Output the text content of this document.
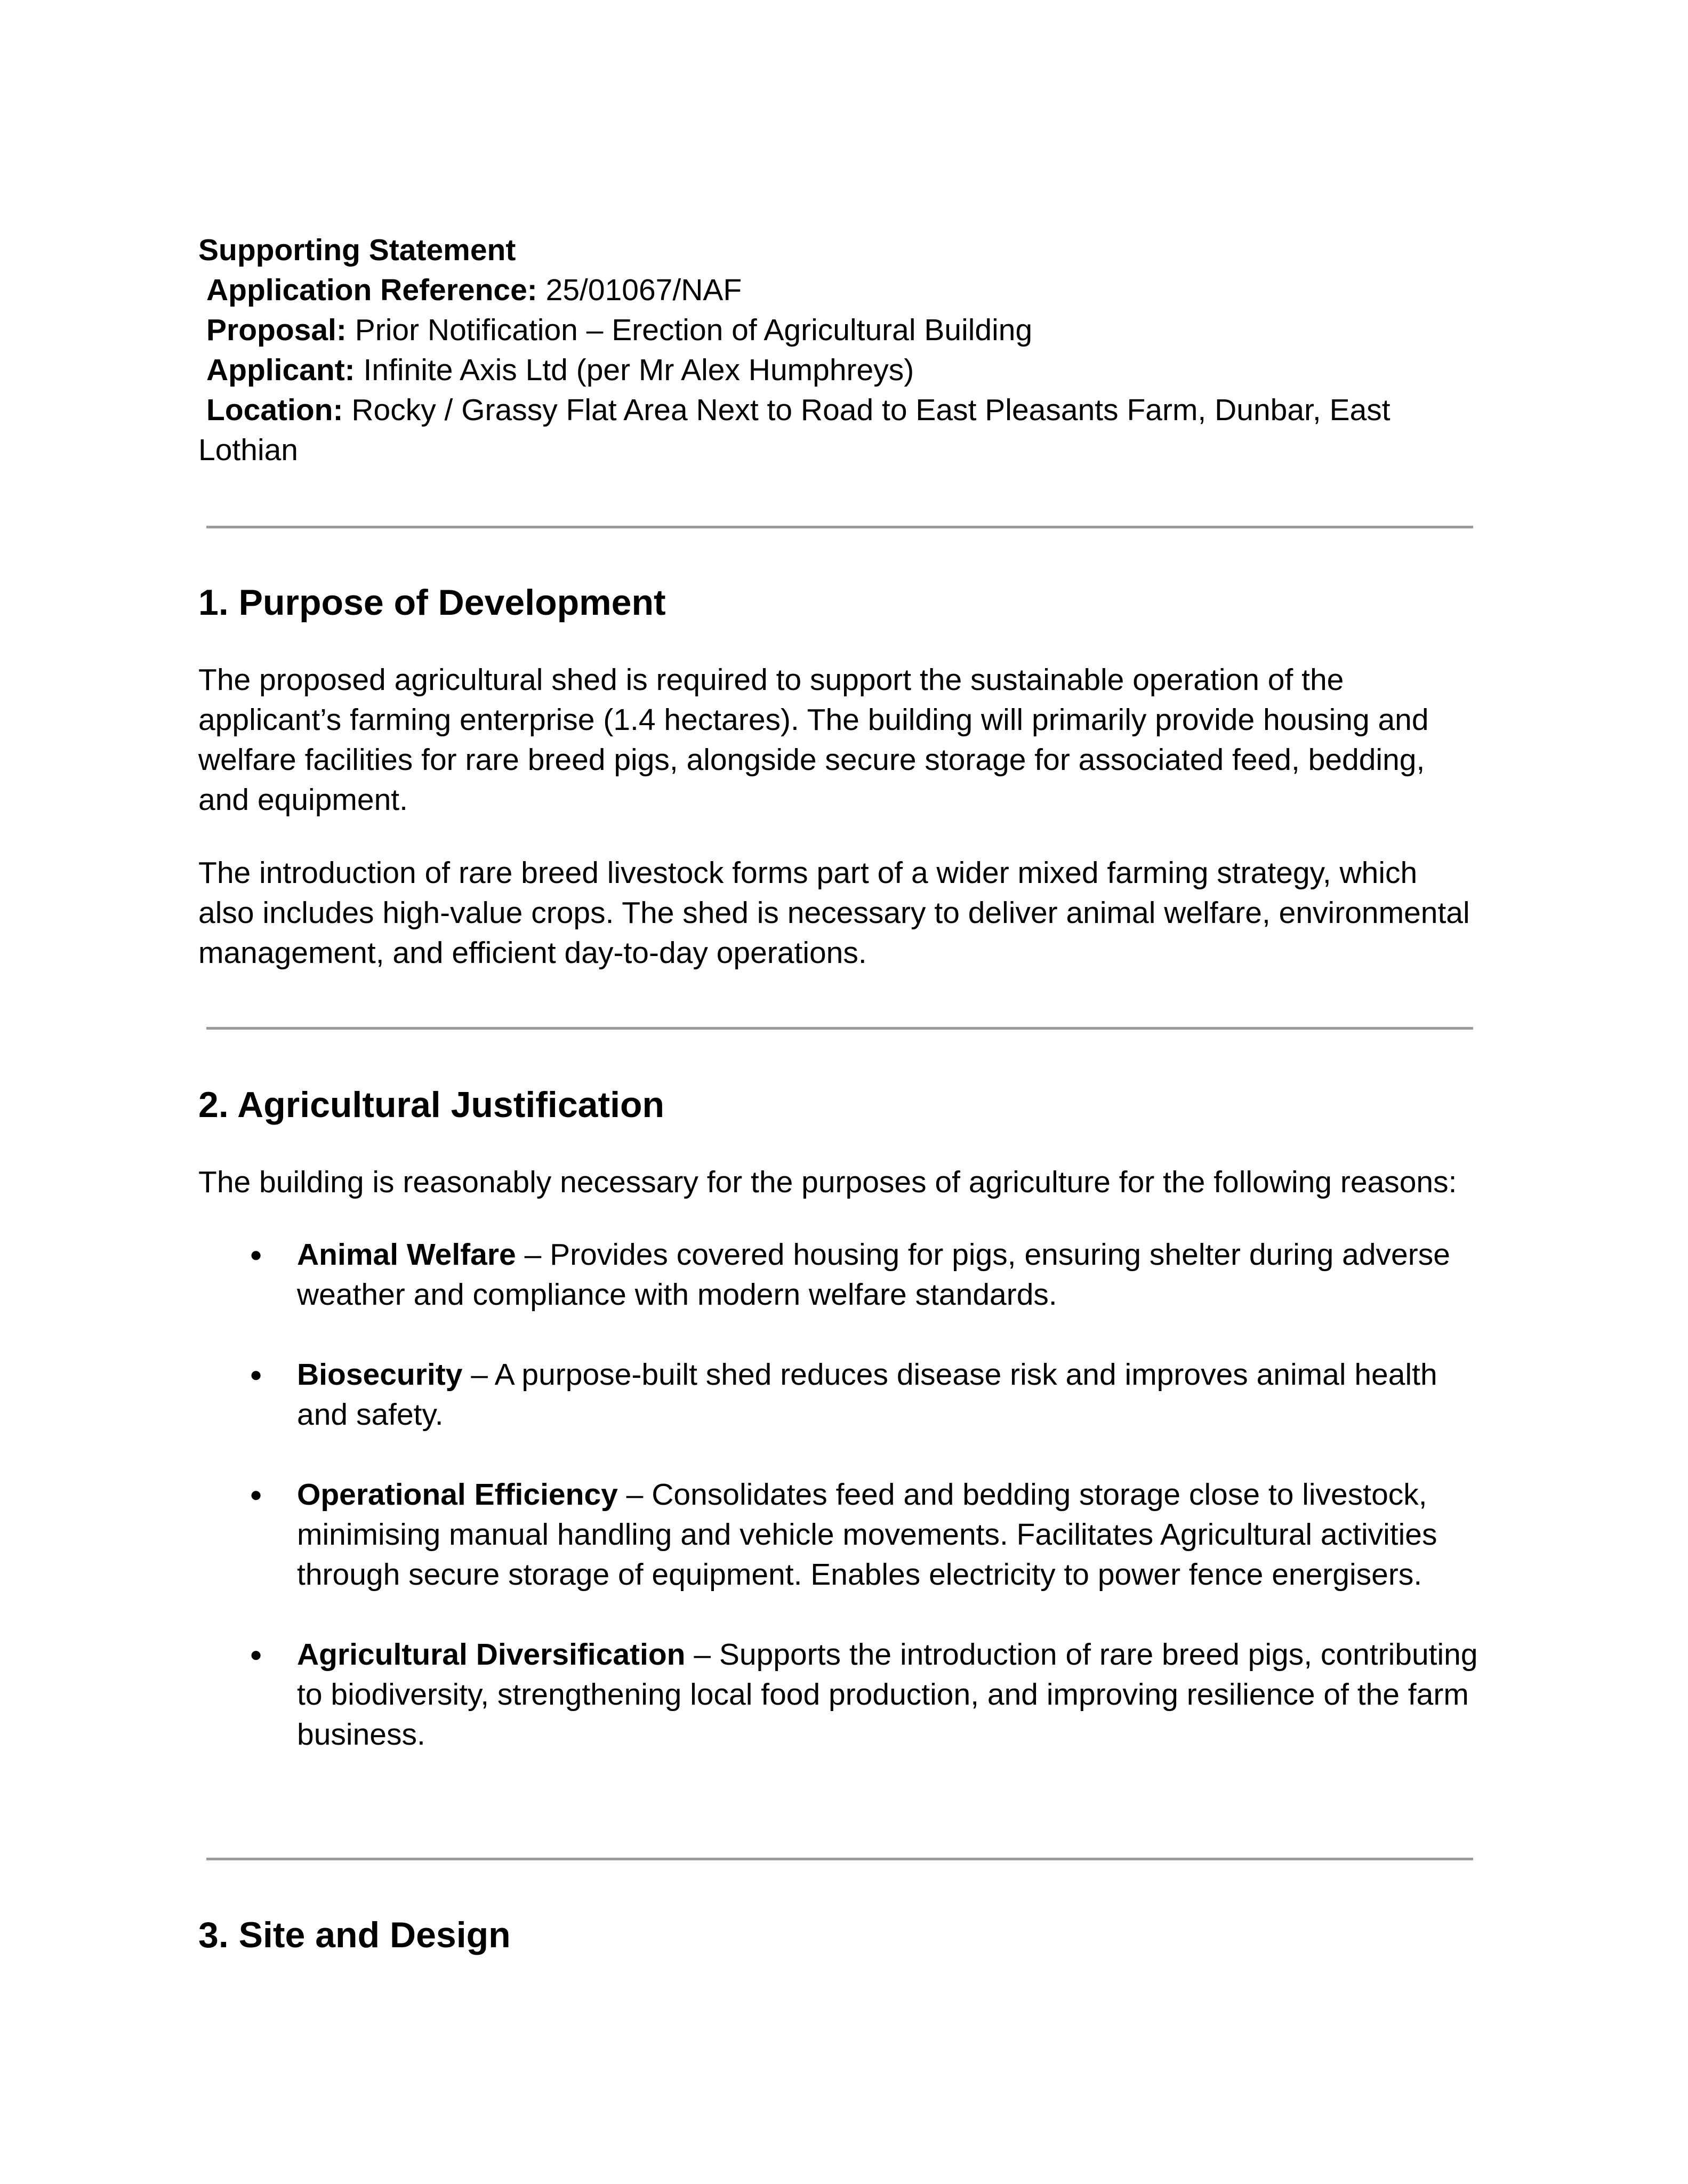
Supporting Statement
Application Reference: 25/01067/NAF
Proposal: Prior Notification – Erection of Agricultural Building
Applicant: Infinite Axis Ltd (per Mr Alex Humphreys)
Location: Rocky / Grassy Flat Area Next to Road to East Pleasants Farm, Dunbar, East Lothian
1. Purpose of Development
The proposed agricultural shed is required to support the sustainable operation of the applicant’s farming enterprise (1.4 hectares). The building will primarily provide housing and welfare facilities for rare breed pigs, alongside secure storage for associated feed, bedding, and equipment.
The introduction of rare breed livestock forms part of a wider mixed farming strategy, which also includes high-value crops. The shed is necessary to deliver animal welfare, environmental management, and efficient day-to-day operations.
2. Agricultural Justification
The building is reasonably necessary for the purposes of agriculture for the following reasons:
● Animal Welfare – Provides covered housing for pigs, ensuring shelter during adverse weather and compliance with modern welfare standards.
● Biosecurity – A purpose-built shed reduces disease risk and improves animal health and safety.
● Operational Efficiency – Consolidates feed and bedding storage close to livestock, minimising manual handling and vehicle movements. Facilitates Agricultural activities through secure storage of equipment. Enables electricity to power fence energisers.
● Agricultural Diversification – Supports the introduction of rare breed pigs, contributing to biodiversity, strengthening local food production, and improving resilience of the farm business.
3. Site and Design
